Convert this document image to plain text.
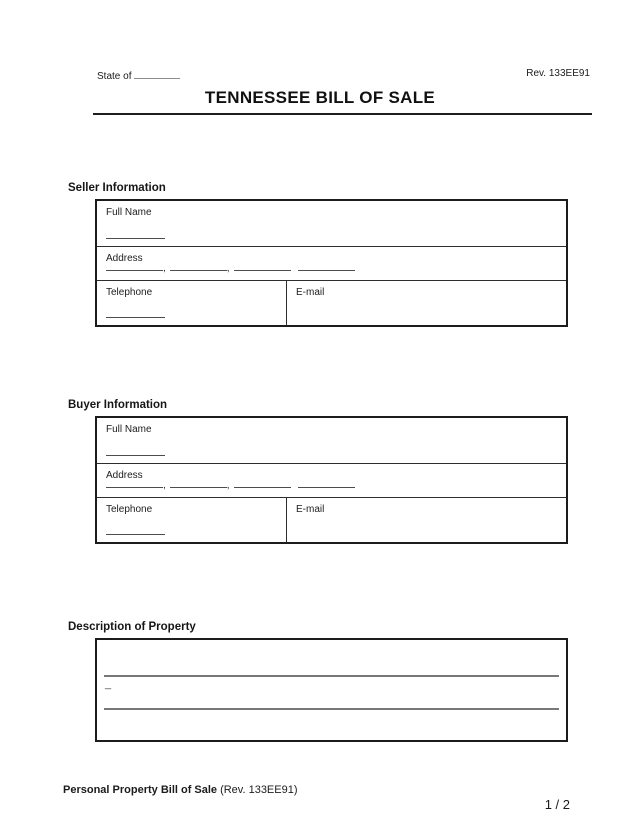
State of	Rev. 133EE91
TENNESSEE BILL OF SALE
Seller Information
Full Name
Address
,	,
Telephone	E-mail
Buyer Information
Full Name
Address
,	,
Telephone	E-mail
Description of Property
_
Personal Property Bill of Sale (Rev. 133EE91)
1 / 2
